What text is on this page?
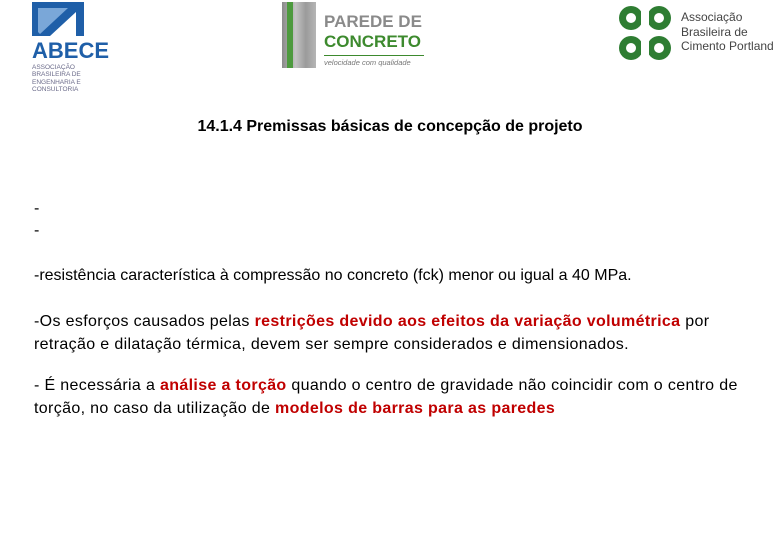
ABECE
ASSOCIAÇÃO
BRASILEIRA DE
ENGENHARIA E
CONSULTORIA
PAREDE DE
CONCRETO
velocidade com qualidade
Associação
Brasileira de
Cimento Portland
14.1.4 Premissas básicas de concepção de projeto
-
-
-resistência característica à compressão no concreto (fck) menor ou igual a 40 MPa.
-Os esforços causados pelas restrições devido aos efeitos da variação volumétrica por retração e dilatação térmica, devem ser sempre considerados e dimensionados.
- É necessária a análise a torção quando o centro de gravidade não coincidir com o centro de torção, no caso da utilização de modelos de barras para as paredes
